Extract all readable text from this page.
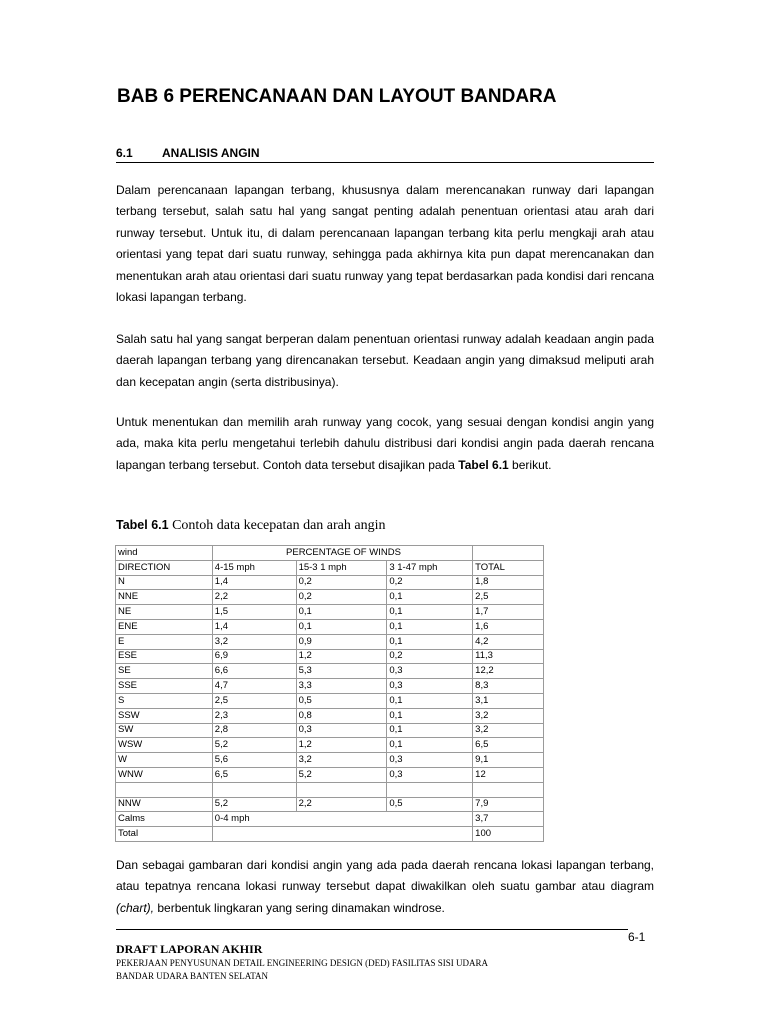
BAB 6 PERENCANAAN DAN LAYOUT BANDARA
6.1 ANALISIS ANGIN

Dalam perencanaan lapangan terbang, khususnya dalam merencanakan runway dari lapangan terbang tersebut, salah satu hal yang sangat penting adalah penentuan orientasi atau arah dari runway tersebut. Untuk itu, di dalam perencanaan lapangan terbang kita perlu mengkaji arah atau orientasi yang tepat dari suatu runway, sehingga pada akhirnya kita pun dapat merencanakan dan menentukan arah atau orientasi dari suatu runway yang tepat berdasarkan pada kondisi dari rencana lokasi lapangan terbang.

Salah satu hal yang sangat berperan dalam penentuan orientasi runway adalah keadaan angin pada daerah lapangan terbang yang direncanakan tersebut. Keadaan angin yang dimaksud meliputi arah dan kecepatan angin (serta distribusinya).

Untuk menentukan dan memilih arah runway yang cocok, yang sesuai dengan kondisi angin yang ada, maka kita perlu mengetahui terlebih dahulu distribusi dari kondisi angin pada daerah rencana lapangan terbang tersebut. Contoh data tersebut disajikan pada Tabel 6.1 berikut.

Tabel 6.1 Contoh data kecepatan dan arah angin
wind	PERCENTAGE OF WINDS			
DIRECTION	4-15 mph	15-3 1 mph	3 1-47 mph	TOTAL
N	1,4	0,2	0,2	1,8
NNE	2,2	0,2	0,1	2,5
NE	1,5	0,1	0,1	1,7
ENE	1,4	0,1	0,1	1,6
E	3,2	0,9	0,1	4,2
ESE	6,9	1,2	0,2	11,3
SE	6,6	5,3	0,3	12,2
SSE	4,7	3,3	0,3	8,3
S	2,5	0,5	0,1	3,1
SSW	2,3	0,8	0,1	3,2
SW	2,8	0,3	0,1	3,2
WSW	5,2	1,2	0,1	6,5
W	5,6	3,2	0,3	9,1
WNW	6,5	5,2	0,3	12

NNW	5,2	2,2	0,5	7,9
Calms	0-4 mph			3,7
Total				100

Dan sebagai gambaran dari kondisi angin yang ada pada daerah rencana lokasi lapangan terbang, atau tepatnya rencana lokasi runway tersebut dapat diwakilkan oleh suatu gambar atau diagram (chart), berbentuk lingkaran yang sering dinamakan windrose.

6-1
DRAFT LAPORAN AKHIR
PEKERJAAN PENYUSUNAN DETAIL ENGINEERING DESIGN (DED) FASILITAS SISI UDARA
BANDAR UDARA BANTEN SELATAN
